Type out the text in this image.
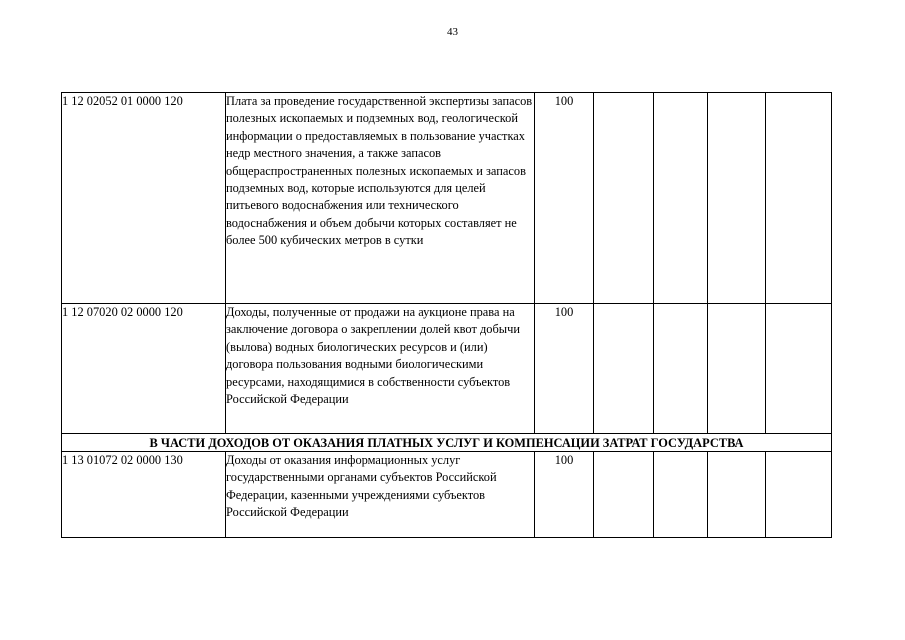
43
1 12 02052 01 0000 120	Плата за проведение государственной экспертизы запасов полезных ископаемых и подземных вод, геологической информации о предоставляемых в пользование участках недр местного значения, а также запасов общераспространенных полезных ископаемых и запасов подземных вод, которые используются для целей питьевого водоснабжения или технического водоснабжения и объем добычи которых составляет не более 500 кубических метров в сутки	100				
1 12 07020 02 0000 120	Доходы, полученные от продажи на аукционе права на заключение договора о закреплении долей квот добычи (вылова) водных биологических ресурсов и (или) договора пользования водными биологическими ресурсами, находящимися в собственности субъектов Российской Федерации	100				
В ЧАСТИ ДОХОДОВ ОТ ОКАЗАНИЯ ПЛАТНЫХ УСЛУГ И КОМПЕНСАЦИИ ЗАТРАТ ГОСУДАРСТВА						
1 13 01072 02 0000 130	Доходы от оказания информационных услуг государственными органами субъектов Российской Федерации, казенными учреждениями субъектов Российской Федерации	100				
